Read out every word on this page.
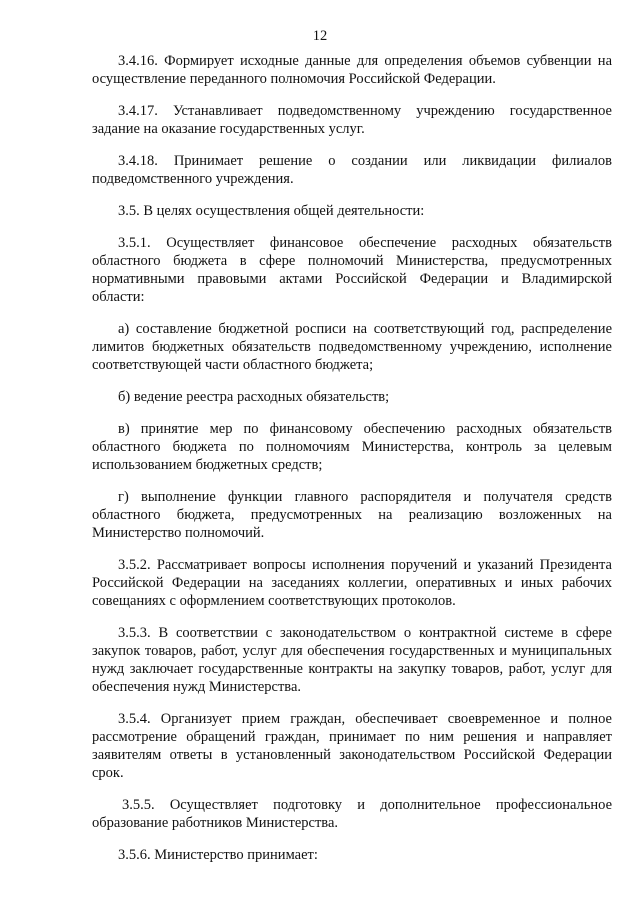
12

3.4.16. Формирует исходные данные для определения объемов субвенции на осуществление переданного полномочия Российской Федерации.

3.4.17. Устанавливает подведомственному учреждению государственное задание на оказание государственных услуг.

3.4.18. Принимает решение о создании или ликвидации филиалов подведомственного учреждения.

3.5. В целях осуществления общей деятельности:

3.5.1. Осуществляет финансовое обеспечение расходных обязательств областного бюджета в сфере полномочий Министерства, предусмотренных нормативными правовыми актами Российской Федерации и Владимирской области:

а) составление бюджетной росписи на соответствующий год, распределение лимитов бюджетных обязательств подведомственному учреждению, исполнение соответствующей части областного бюджета;

б) ведение реестра расходных обязательств;

в) принятие мер по финансовому обеспечению расходных обязательств областного бюджета по полномочиям Министерства, контроль за целевым использованием бюджетных средств;

г) выполнение функции главного распорядителя и получателя средств областного бюджета, предусмотренных на реализацию возложенных на Министерство полномочий.

3.5.2. Рассматривает вопросы исполнения поручений и указаний Президента Российской Федерации на заседаниях коллегии, оперативных и иных рабочих совещаниях с оформлением соответствующих протоколов.

3.5.3. В соответствии с законодательством о контрактной системе в сфере закупок товаров, работ, услуг для обеспечения государственных и муниципальных нужд заключает государственные контракты на закупку товаров, работ, услуг для обеспечения нужд Министерства.

3.5.4. Организует прием граждан, обеспечивает своевременное и полное рассмотрение обращений граждан, принимает по ним решения и направляет заявителям ответы в установленный законодательством Российской Федерации срок.

3.5.5. Осуществляет подготовку и дополнительное профессиональное образование работников Министерства.

3.5.6. Министерство принимает:
